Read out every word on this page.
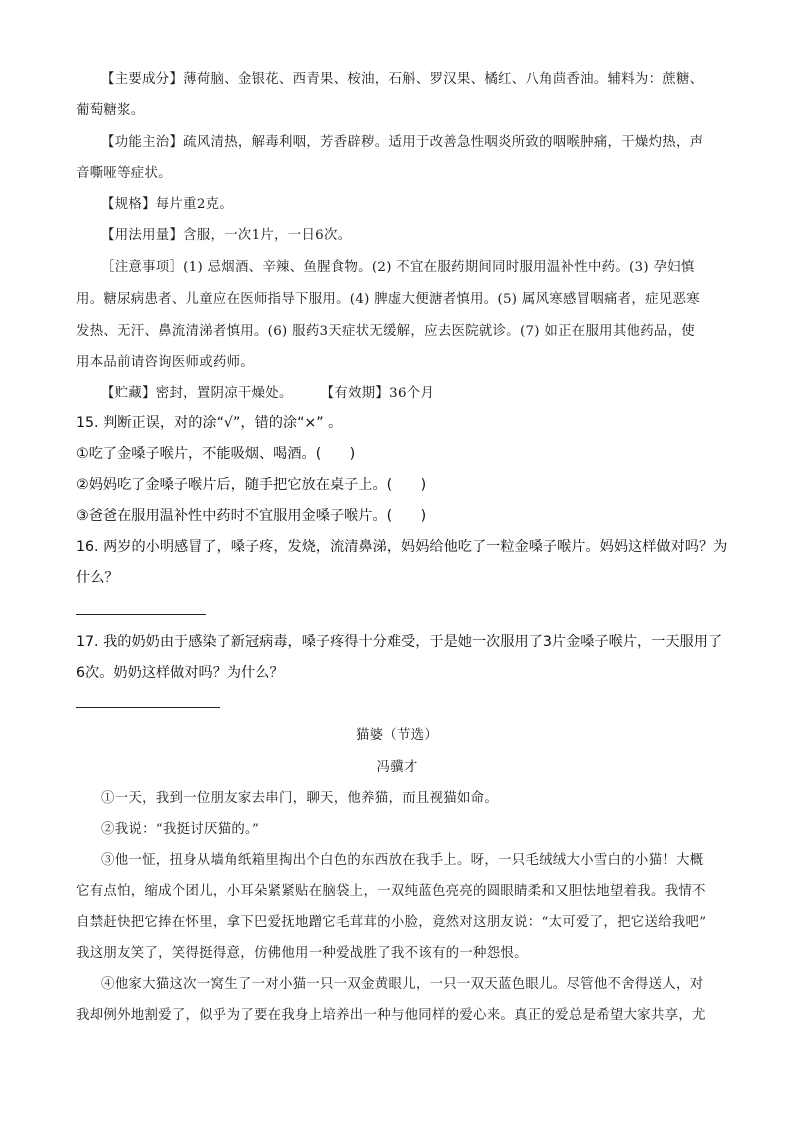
【主要成分】薄荷脑、金银花、西青果、桉油，石斛、罗汉果、橘红、八角茴香油。辅料为：蔗糖、
葡萄糖浆。
【功能主治】疏风清热，解毒利咽，芳香辟秽。适用于改善急性咽炎所致的咽喉肿痛，干燥灼热，声
音嘶哑等症状。
【规格】每片重2克。
【用法用量】含服，一次1片，一日6次。
［注意事项］(1) 忌烟酒、辛辣、鱼腥食物。(2) 不宜在服药期间同时服用温补性中药。(3) 孕妇慎
用。糖尿病患者、儿童应在医师指导下服用。(4) 脾虚大便溏者慎用。(5) 属风寒感冒咽痛者，症见恶寒
发热、无汗、鼻流清涕者慎用。(6) 服药3天症状无缓解，应去医院就诊。(7) 如正在服用其他药品，使
用本品前请咨询医师或药师。
【贮藏】密封，置阴凉干燥处。 【有效期】36个月
15. 判断正误，对的涂“√”，错的涂“×” 。
①吃了金嗓子喉片，不能吸烟、喝酒。(　　)
②妈妈吃了金嗓子喉片后，随手把它放在桌子上。(　　)
③爸爸在服用温补性中药时不宜服用金嗓子喉片。(　　)
16. 两岁的小明感冒了，嗓子疼，发烧，流清鼻涕，妈妈给他吃了一粒金嗓子喉片。妈妈这样做对吗？为
什么？
17. 我的奶奶由于感染了新冠病毒，嗓子疼得十分难受，于是她一次服用了3片金嗓子喉片，一天服用了
6次。奶奶这样做对吗？为什么？
猫婆（节选）
冯骥才
①一天，我到一位朋友家去串门，聊天，他养猫，而且视猫如命。
②我说：“我挺讨厌猫的。”
③他一怔，扭身从墙角纸箱里掏出个白色的东西放在我手上。呀，一只毛绒绒大小雪白的小猫！大概
它有点怕，缩成个团儿，小耳朵紧紧贴在脑袋上，一双纯蓝色亮亮的圆眼睛柔和又胆怯地望着我。我情不
自禁赶快把它捧在怀里，拿下巴爱抚地蹭它毛茸茸的小脸，竟然对这朋友说：“太可爱了，把它送给我吧”
我这朋友笑了，笑得挺得意，仿佛他用一种爱战胜了我不该有的一种怨恨。
④他家大猫这次一窝生了一对小猫一只一双金黄眼儿，一只一双天蓝色眼儿。尽管他不舍得送人，对
我却例外地割爱了，似乎为了要在我身上培养出一种与他同样的爱心来。真正的爱总是希望大家共享，尤
